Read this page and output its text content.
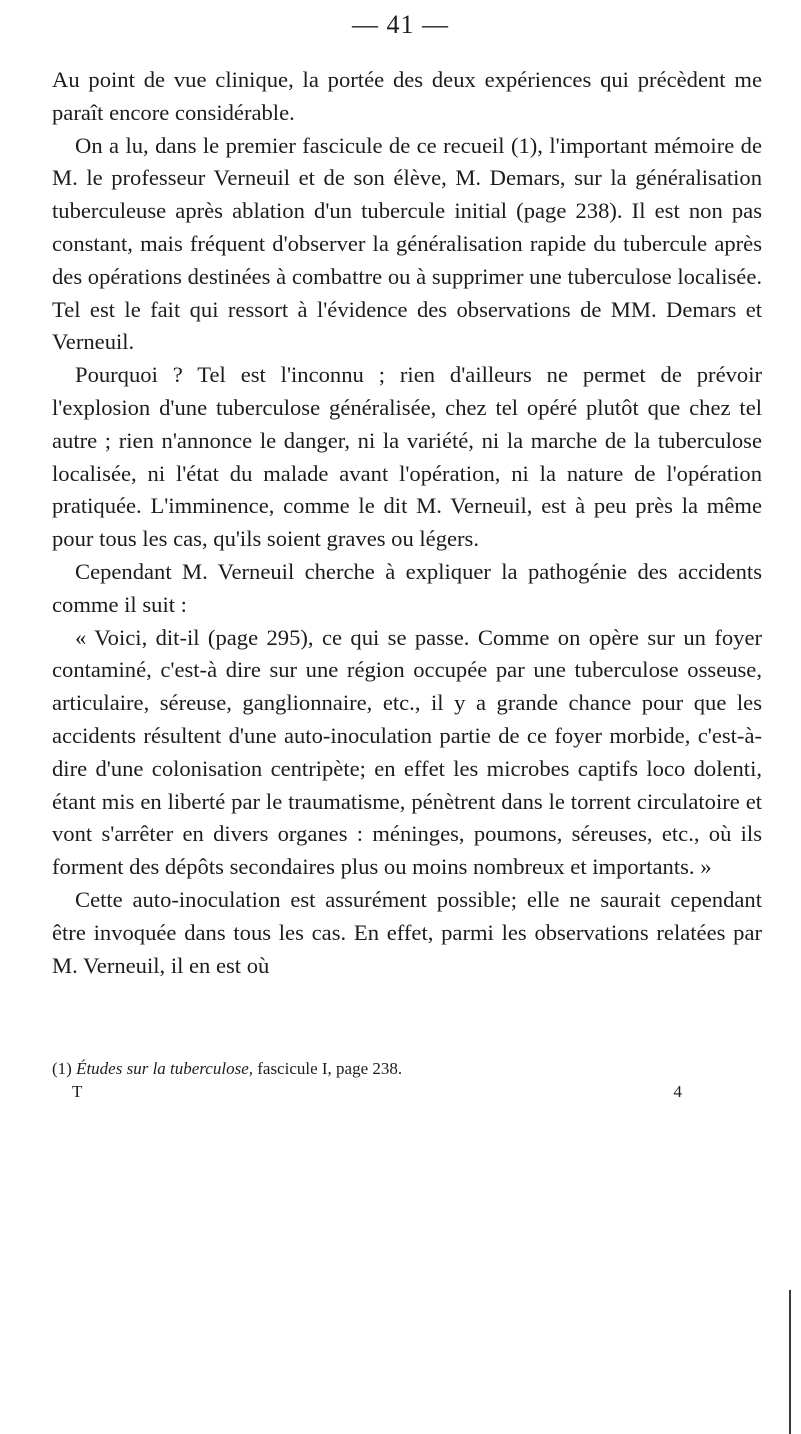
— 41 —

Au point de vue clinique, la portée des deux expériences qui précèdent me paraît encore considérable.

On a lu, dans le premier fascicule de ce recueil (1), l'important mémoire de M. le professeur Verneuil et de son élève, M. Demars, sur la généralisation tuberculeuse après ablation d'un tubercule initial (page 238). Il est non pas constant, mais fréquent d'observer la généralisation rapide du tubercule après des opérations destinées à combattre ou à supprimer une tuberculose localisée. Tel est le fait qui ressort à l'évidence des observations de MM. Demars et Verneuil.

Pourquoi ? Tel est l'inconnu ; rien d'ailleurs ne permet de prévoir l'explosion d'une tuberculose généralisée, chez tel opéré plutôt que chez tel autre ; rien n'annonce le danger, ni la variété, ni la marche de la tuberculose localisée, ni l'état du malade avant l'opération, ni la nature de l'opération pratiquée. L'imminence, comme le dit M. Verneuil, est à peu près la même pour tous les cas, qu'ils soient graves ou légers.

Cependant M. Verneuil cherche à expliquer la pathogénie des accidents comme il suit :

« Voici, dit-il (page 295), ce qui se passe. Comme on opère sur un foyer contaminé, c'est-à dire sur une région occupée par une tuberculose osseuse, articulaire, séreuse, ganglionnaire, etc., il y a grande chance pour que les accidents résultent d'une auto-inoculation partie de ce foyer morbide, c'est-à-dire d'une colonisation centripète; en effet les microbes captifs loco dolenti, étant mis en liberté par le traumatisme, pénètrent dans le torrent circulatoire et vont s'arrêter en divers organes : méninges, poumons, séreuses, etc., où ils forment des dépôts secondaires plus ou moins nombreux et importants. »

Cette auto-inoculation est assurément possible; elle ne saurait cependant être invoquée dans tous les cas. En effet, parmi les observations relatées par M. Verneuil, il en est où

(1) Études sur la tuberculose, fascicule I, page 238.
T	4
